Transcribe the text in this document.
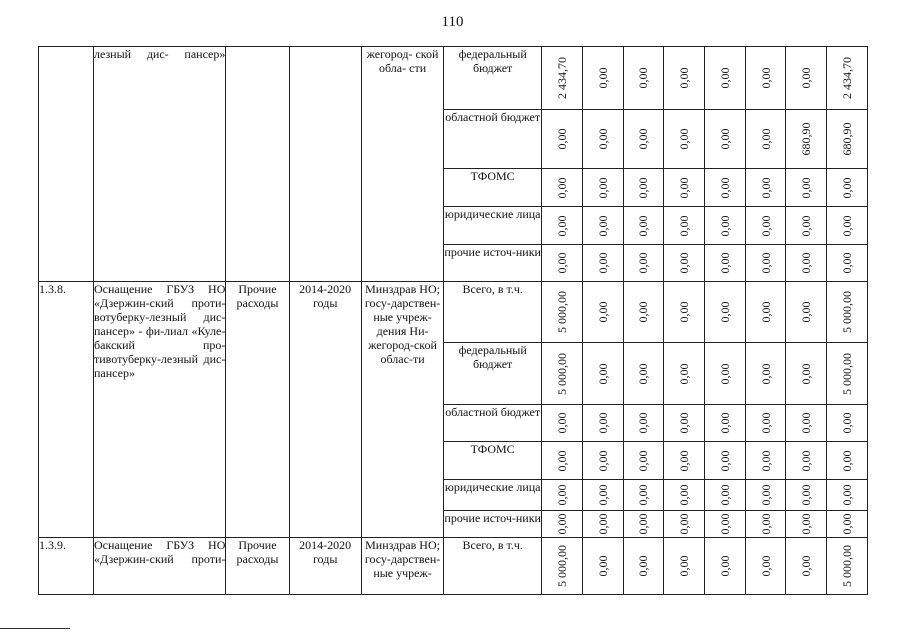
110
	лезный дис- пансер»			жегород- ской обла- сти	федеральный бюджет	2 434,70	0,00	0,00	0,00	0,00	0,00	0,00	2 434,70

					областной бюджет	0,00	0,00	0,00	0,00	0,00	0,00	680,90	680,90

					ТФОМС	0,00	0,00	0,00	0,00	0,00	0,00	0,00	0,00

					юридические лица	0,00	0,00	0,00	0,00	0,00	0,00	0,00	0,00

					прочие источ-ники	0,00	0,00	0,00	0,00	0,00	0,00	0,00	0,00

1.3.8.	Оснащение ГБУЗ НО «Дзержин-ский проти-вотуберку-лезный дис-пансер» - фи-лиал «Куле-бакский про-тивотуберку-лезный дис-пансер»	Прочие расходы	2014-2020 годы	Минздрав НО; госу-дарствен-ные учреж-дения Ни-жегород-ской облас-ти	Всего, в т.ч.	5 000,00	0,00	0,00	0,00	0,00	0,00	0,00	5 000,00

					федеральный бюджет	5 000,00	0,00	0,00	0,00	0,00	0,00	0,00	5 000,00

					областной бюджет	0,00	0,00	0,00	0,00	0,00	0,00	0,00	0,00

					ТФОМС	0,00	0,00	0,00	0,00	0,00	0,00	0,00	0,00

					юридические лица	0,00	0,00	0,00	0,00	0,00	0,00	0,00	0,00

					прочие источ-ники	0,00	0,00	0,00	0,00	0,00	0,00	0,00	0,00

1.3.9.	Оснащение ГБУЗ НО «Дзержин-ский проти-	Прочие расходы	2014-2020 годы	Минздрав НО; госу-дарствен-ные учреж-	Всего, в т.ч.	5 000,00	0,00	0,00	0,00	0,00	0,00	0,00	5 000,00
